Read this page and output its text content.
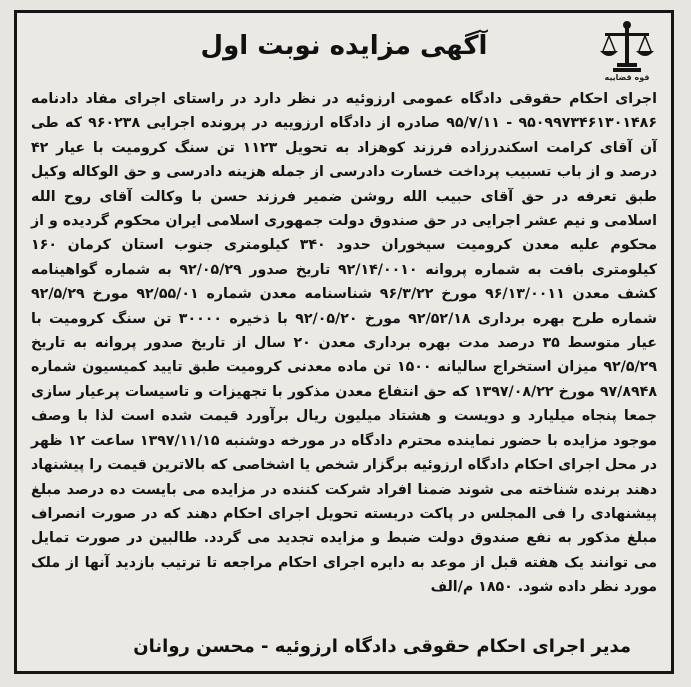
آگهی مزایده نوبت اول
قوه قضاییه
اجرای احکام حقوقی دادگاه عمومی ارزوئیه در نظر دارد در راستای اجرای مفاد دادنامه ۹۵۰۹۹۷۳۴۶۱۳۰۱۴۸۶ - ۹۵/۷/۱۱ صادره از دادگاه ارزوییه در پرونده اجرایی ۹۶۰۲۳۸ که طی آن آقای کرامت اسکندرزاده فرزند کوهزاد به تحویل ۱۱۲۳ تن سنگ کرومیت با عیار ۴۲ درصد و از باب تسبیب پرداخت خسارت دادرسی از جمله هزینه دادرسی و حق الوکاله وکیل طبق تعرفه در حق آقای حبیب الله روشن ضمیر فرزند حسن با وکالت آقای روح الله اسلامی و نیم عشر اجرایی در حق صندوق دولت جمهوری اسلامی ایران محکوم گردیده و از محکوم علیه معدن کرومیت سیخوران حدود ۳۴۰ کیلومتری جنوب استان کرمان ۱۶۰ کیلومتری بافت به شماره پروانه ۹۲/۱۴/۰۰۱۰ تاریخ صدور ۹۲/۰۵/۲۹ به شماره گواهینامه کشف معدن ۹۶/۱۳/۰۰۱۱ مورخ ۹۶/۳/۲۲ شناسنامه معدن شماره ۹۲/۵۵/۰۱ مورخ ۹۲/۵/۲۹ شماره طرح بهره برداری ۹۲/۵۲/۱۸ مورخ ۹۲/۰۵/۲۰ با ذخیره ۳۰۰۰۰ تن سنگ کرومیت با عیار متوسط ۳۵ درصد مدت بهره برداری معدن ۲۰ سال از تاریخ صدور پروانه به تاریخ ۹۲/۵/۲۹ میزان استخراج سالیانه ۱۵۰۰ تن ماده معدنی کرومیت طبق تایید کمیسیون شماره ۹۷/۸۹۴۸ مورخ ۱۳۹۷/۰۸/۲۲ که حق انتفاع معدن مذکور با تجهیزات و تاسیسات پرعیار سازی جمعا پنجاه میلیارد و دویست و هشتاد میلیون ریال برآورد قیمت شده است لذا با وصف موجود مزایده با حضور نماینده محترم دادگاه در مورخه دوشنبه ۱۳۹۷/۱۱/۱۵ ساعت ۱۲ ظهر در محل اجرای احکام دادگاه ارزوئیه برگزار شخص یا اشخاصی که بالاترین قیمت را پیشنهاد دهند برنده شناخته می شوند ضمنا افراد شرکت کننده در مزایده می بایست ده درصد مبلغ پیشنهادی را فی المجلس در پاکت دربسته تحویل اجرای احکام دهند که در صورت انصراف مبلغ مذکور به نفع صندوق دولت ضبط و مزایده تجدید می گردد. طالبین در صورت تمایل می توانند یک هفته قبل از موعد به دایره اجرای احکام مراجعه تا ترتیب بازدید آنها از ملک مورد نظر داده شود. ۱۸۵۰ م/الف
مدیر اجرای احکام حقوقی دادگاه ارزوئیه - محسن روانان
